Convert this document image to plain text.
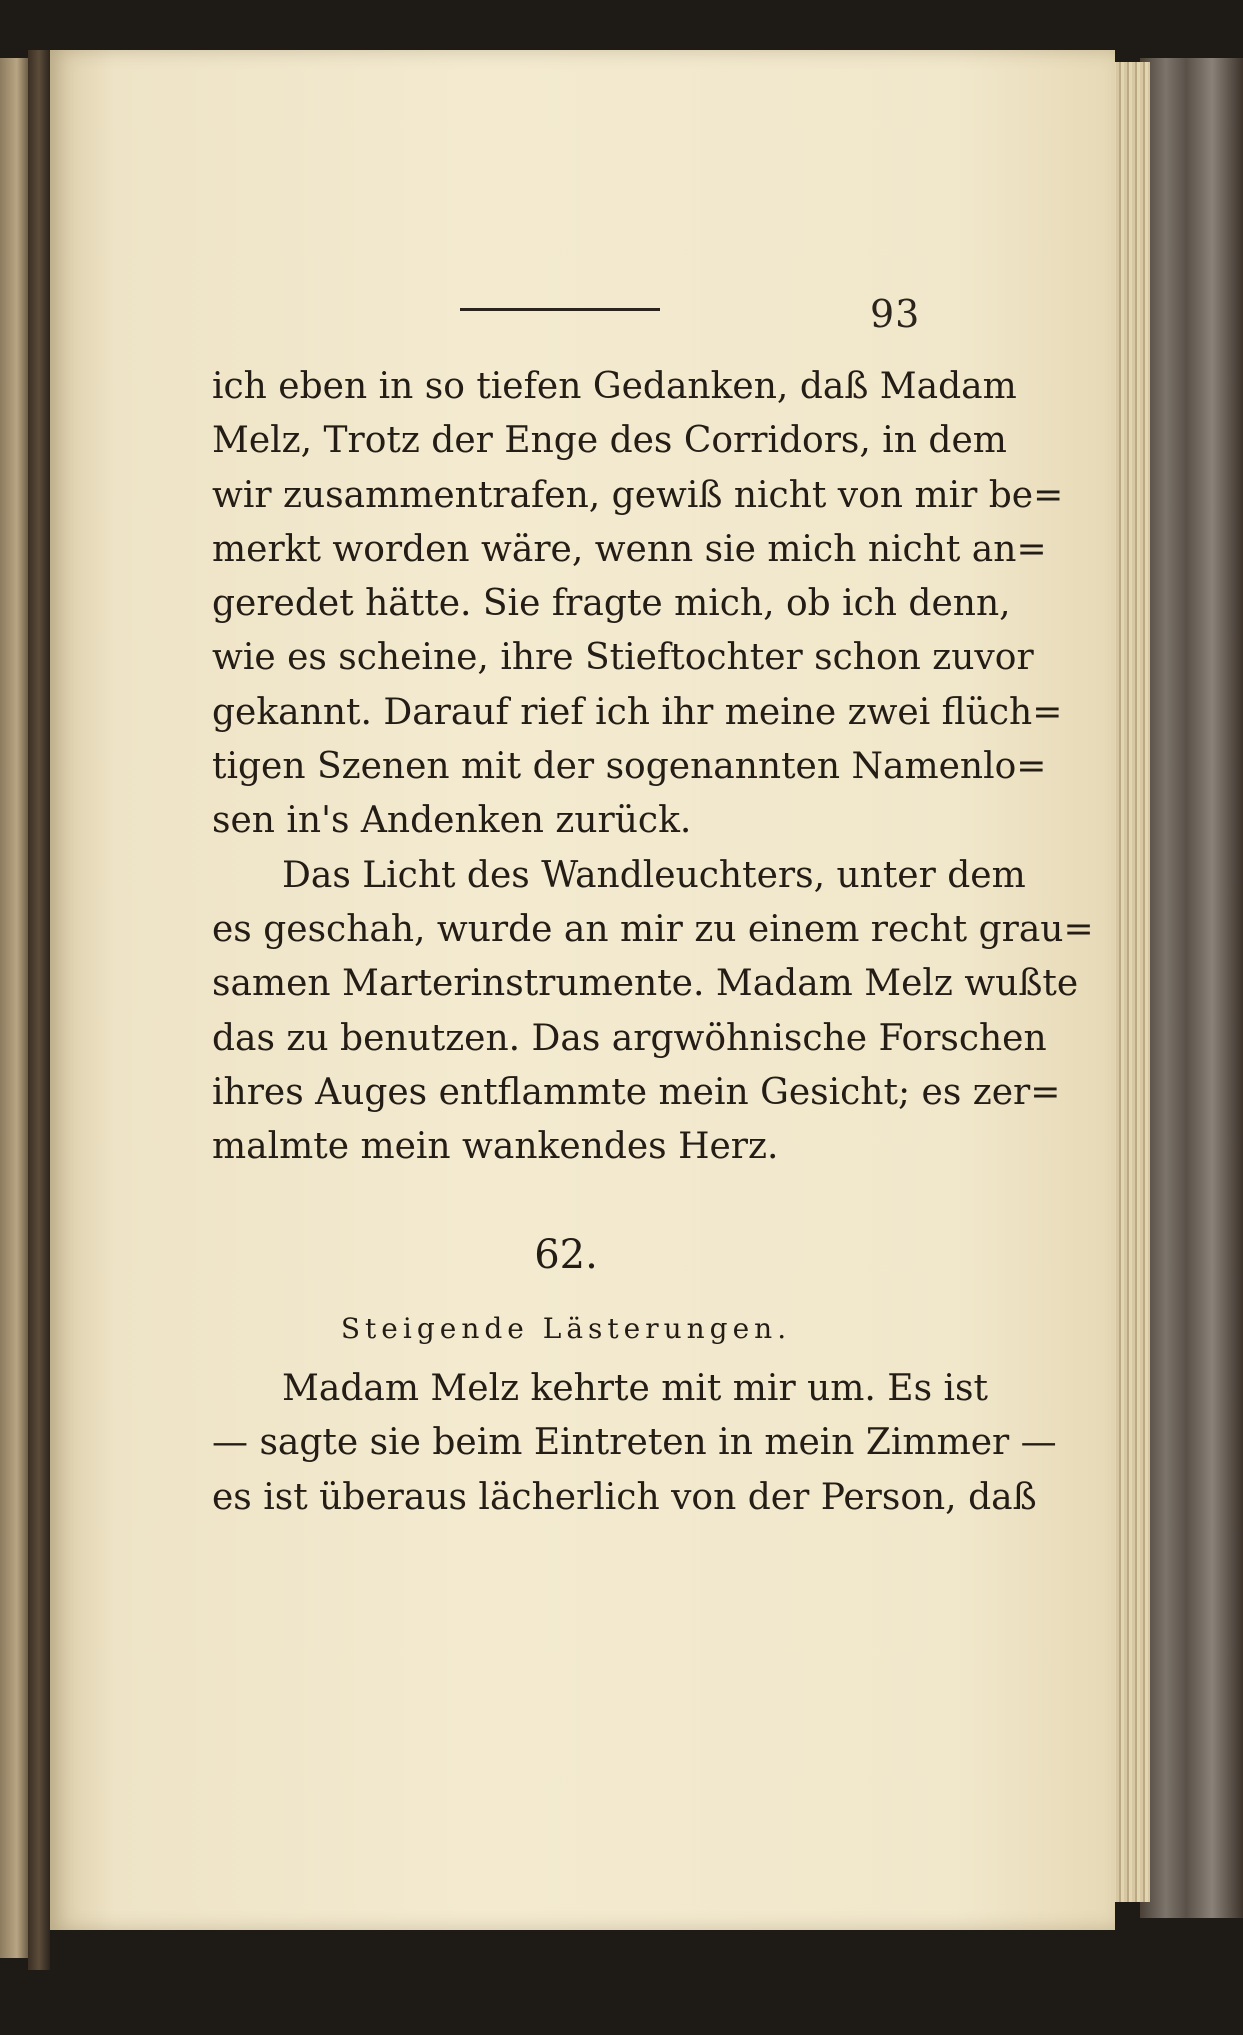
93
ich eben in so tiefen Gedanken, daß Madam
Melz, Trotz der Enge des Corridors, in dem
wir zusammentrafen, gewiß nicht von mir be=
merkt worden wäre, wenn sie mich nicht an=
geredet hätte. Sie fragte mich, ob ich denn,
wie es scheine, ihre Stieftochter schon zuvor
gekannt. Darauf rief ich ihr meine zwei flüch=
tigen Szenen mit der sogenannten Namenlo=
sen in's Andenken zurück.
Das Licht des Wandleuchters, unter dem
es geschah, wurde an mir zu einem recht grau=
samen Marterinstrumente. Madam Melz wußte
das zu benutzen. Das argwöhnische Forschen
ihres Auges entflammte mein Gesicht; es zer=
malmte mein wankendes Herz.
62.
Steigende Lästerungen.
Madam Melz kehrte mit mir um. Es ist
— sagte sie beim Eintreten in mein Zimmer —
es ist überaus lächerlich von der Person, daß
